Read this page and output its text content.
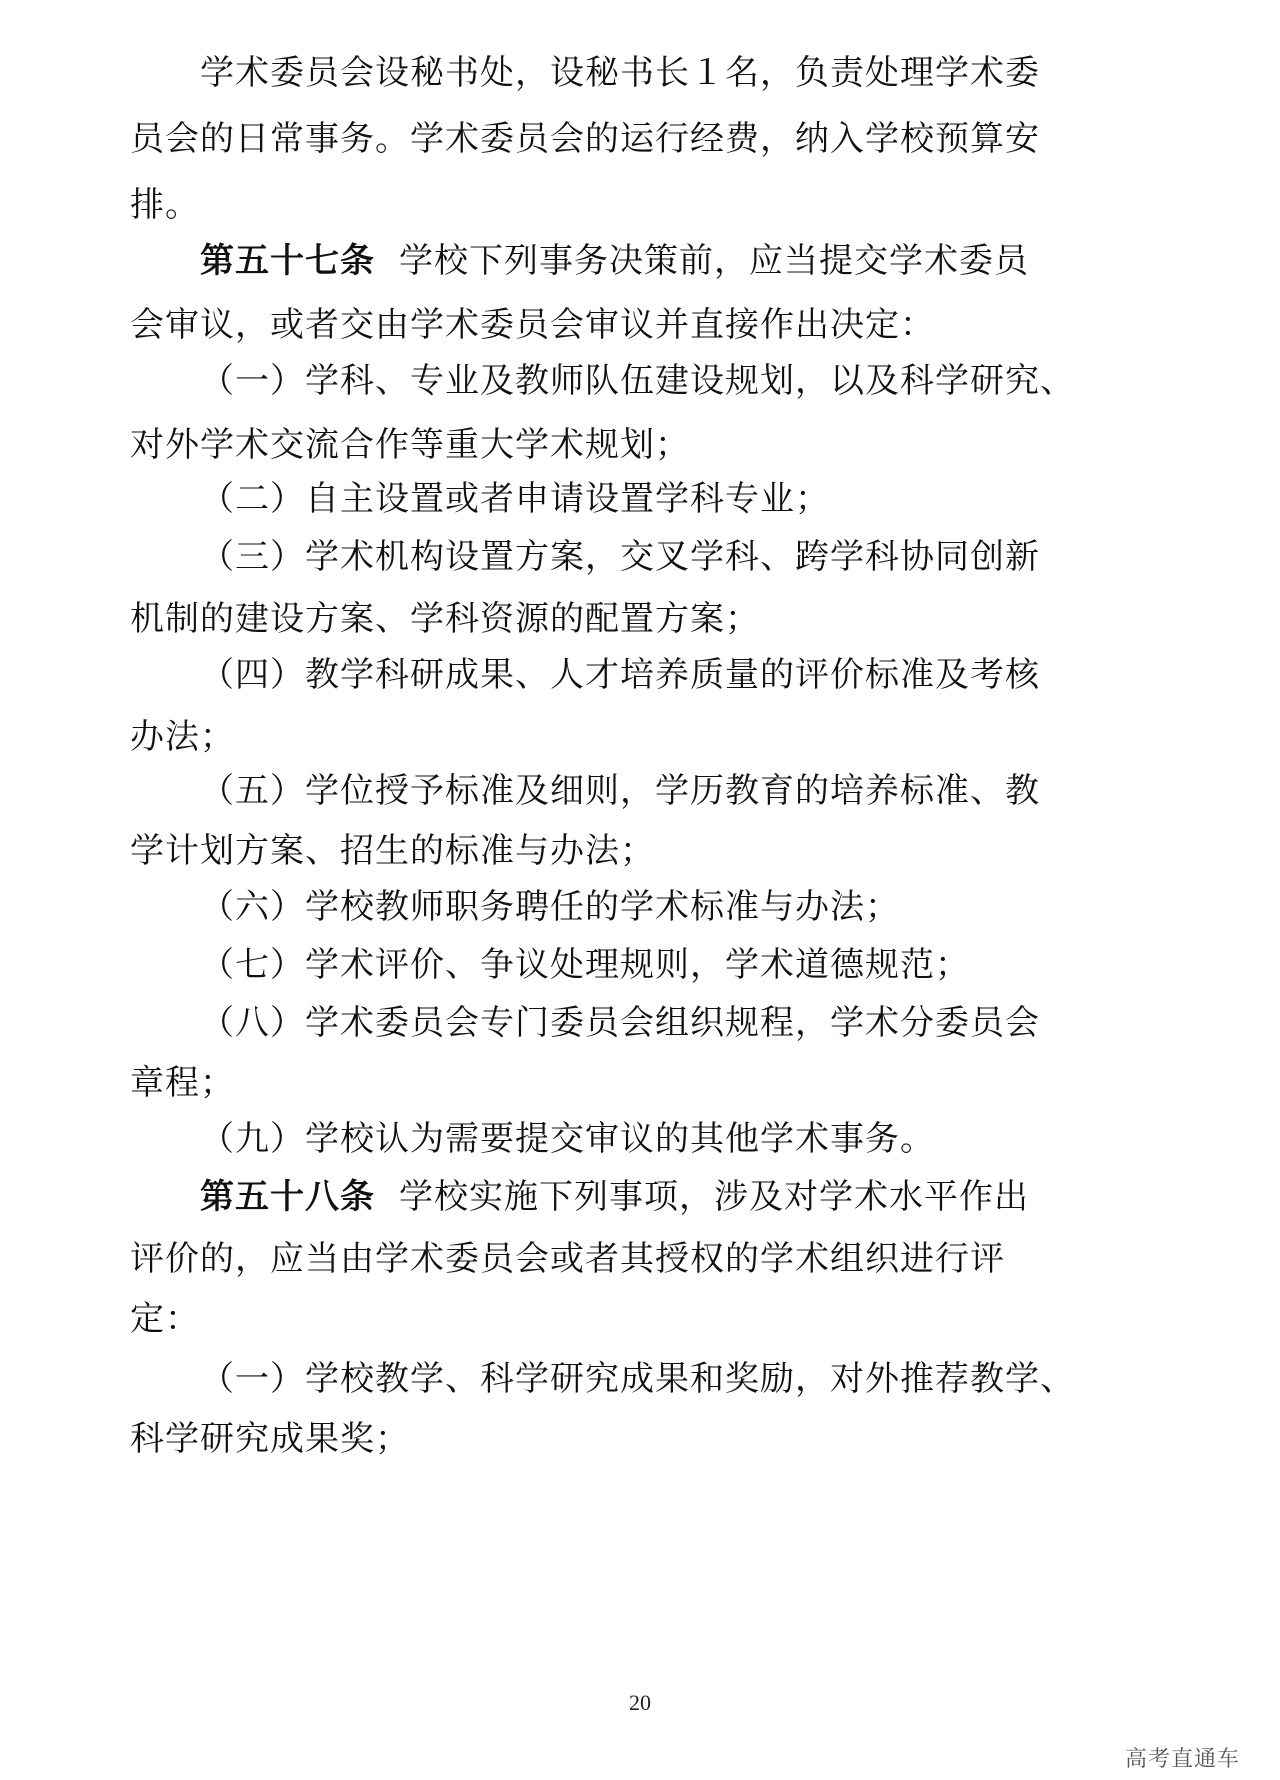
学术委员会设秘书处，设秘书长１名，负责处理学术委
员会的日常事务。学术委员会的运行经费，纳入学校预算安
排。
第五十七条 学校下列事务决策前，应当提交学术委员
会审议，或者交由学术委员会审议并直接作出决定：
（一）学科、专业及教师队伍建设规划，以及科学研究、
对外学术交流合作等重大学术规划；
（二）自主设置或者申请设置学科专业；
（三）学术机构设置方案，交叉学科、跨学科协同创新
机制的建设方案、学科资源的配置方案；
（四）教学科研成果、人才培养质量的评价标准及考核
办法；
（五）学位授予标准及细则，学历教育的培养标准、教
学计划方案、招生的标准与办法；
（六）学校教师职务聘任的学术标准与办法；
（七）学术评价、争议处理规则，学术道德规范；
（八）学术委员会专门委员会组织规程，学术分委员会
章程；
（九）学校认为需要提交审议的其他学术事务。
第五十八条 学校实施下列事项，涉及对学术水平作出
评价的，应当由学术委员会或者其授权的学术组织进行评
定：
（一）学校教学、科学研究成果和奖励，对外推荐教学、
科学研究成果奖；
20
高考直通车
